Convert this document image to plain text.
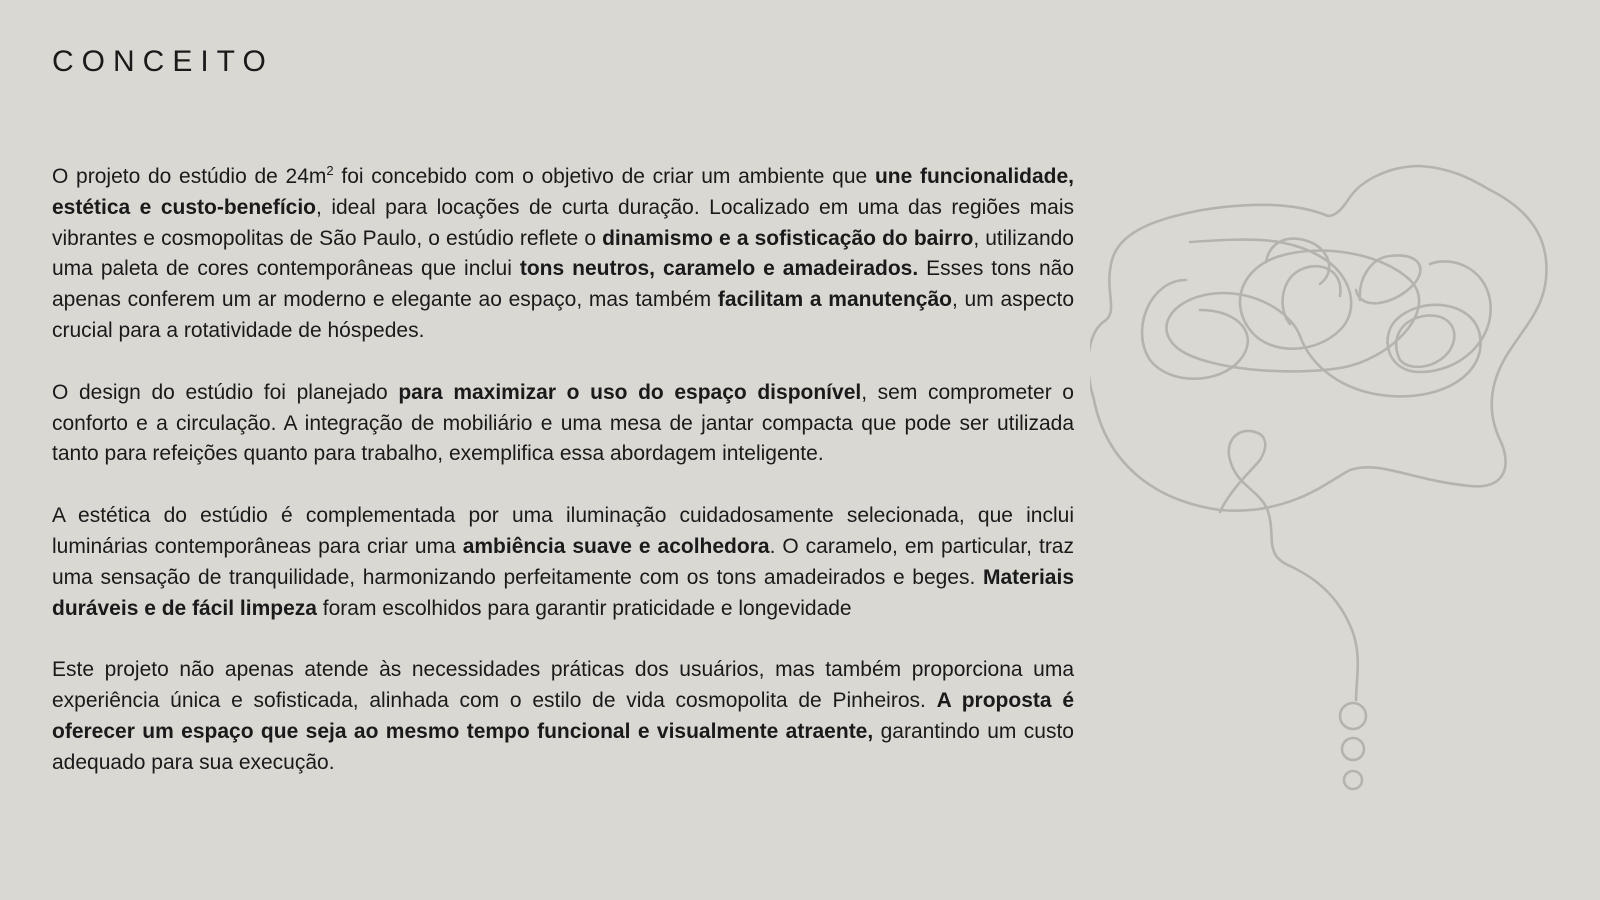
CONCEITO

O projeto do estúdio de $24m^2$ foi concebido com o objetivo de criar um ambiente que une funcionalidade, estética e custo-benefício, ideal para locações de curta duração. Localizado em uma das regiões mais vibrantes e cosmopolitas de São Paulo, o estúdio reflete o dinamismo e a sofisticação do bairro, utilizando uma paleta de cores contemporâneas que inclui tons neutros, caramelo e amadeirados. Esses tons não apenas conferem um ar moderno e elegante ao espaço, mas também facilitam a manutenção, um aspecto crucial para a rotatividade de hóspedes.

O design do estúdio foi planejado para maximizar o uso do espaço disponível, sem comprometer o conforto e a circulação. A integração de mobiliário e uma mesa de jantar compacta que pode ser utilizada tanto para refeições quanto para trabalho, exemplifica essa abordagem inteligente.

A estética do estúdio é complementada por uma iluminação cuidadosamente selecionada, que inclui luminárias contemporâneas para criar uma ambiência suave e acolhedora. O caramelo, em particular, traz uma sensação de tranquilidade, harmonizando perfeitamente com os tons amadeirados e beges. Materiais duráveis e de fácil limpeza foram escolhidos para garantir praticidade e longevidade

Este projeto não apenas atende às necessidades práticas dos usuários, mas também proporciona uma experiência única e sofisticada, alinhada com o estilo de vida cosmopolita de Pinheiros. A proposta é oferecer um espaço que seja ao mesmo tempo funcional e visualmente atraente, garantindo um custo adequado para sua execução.
